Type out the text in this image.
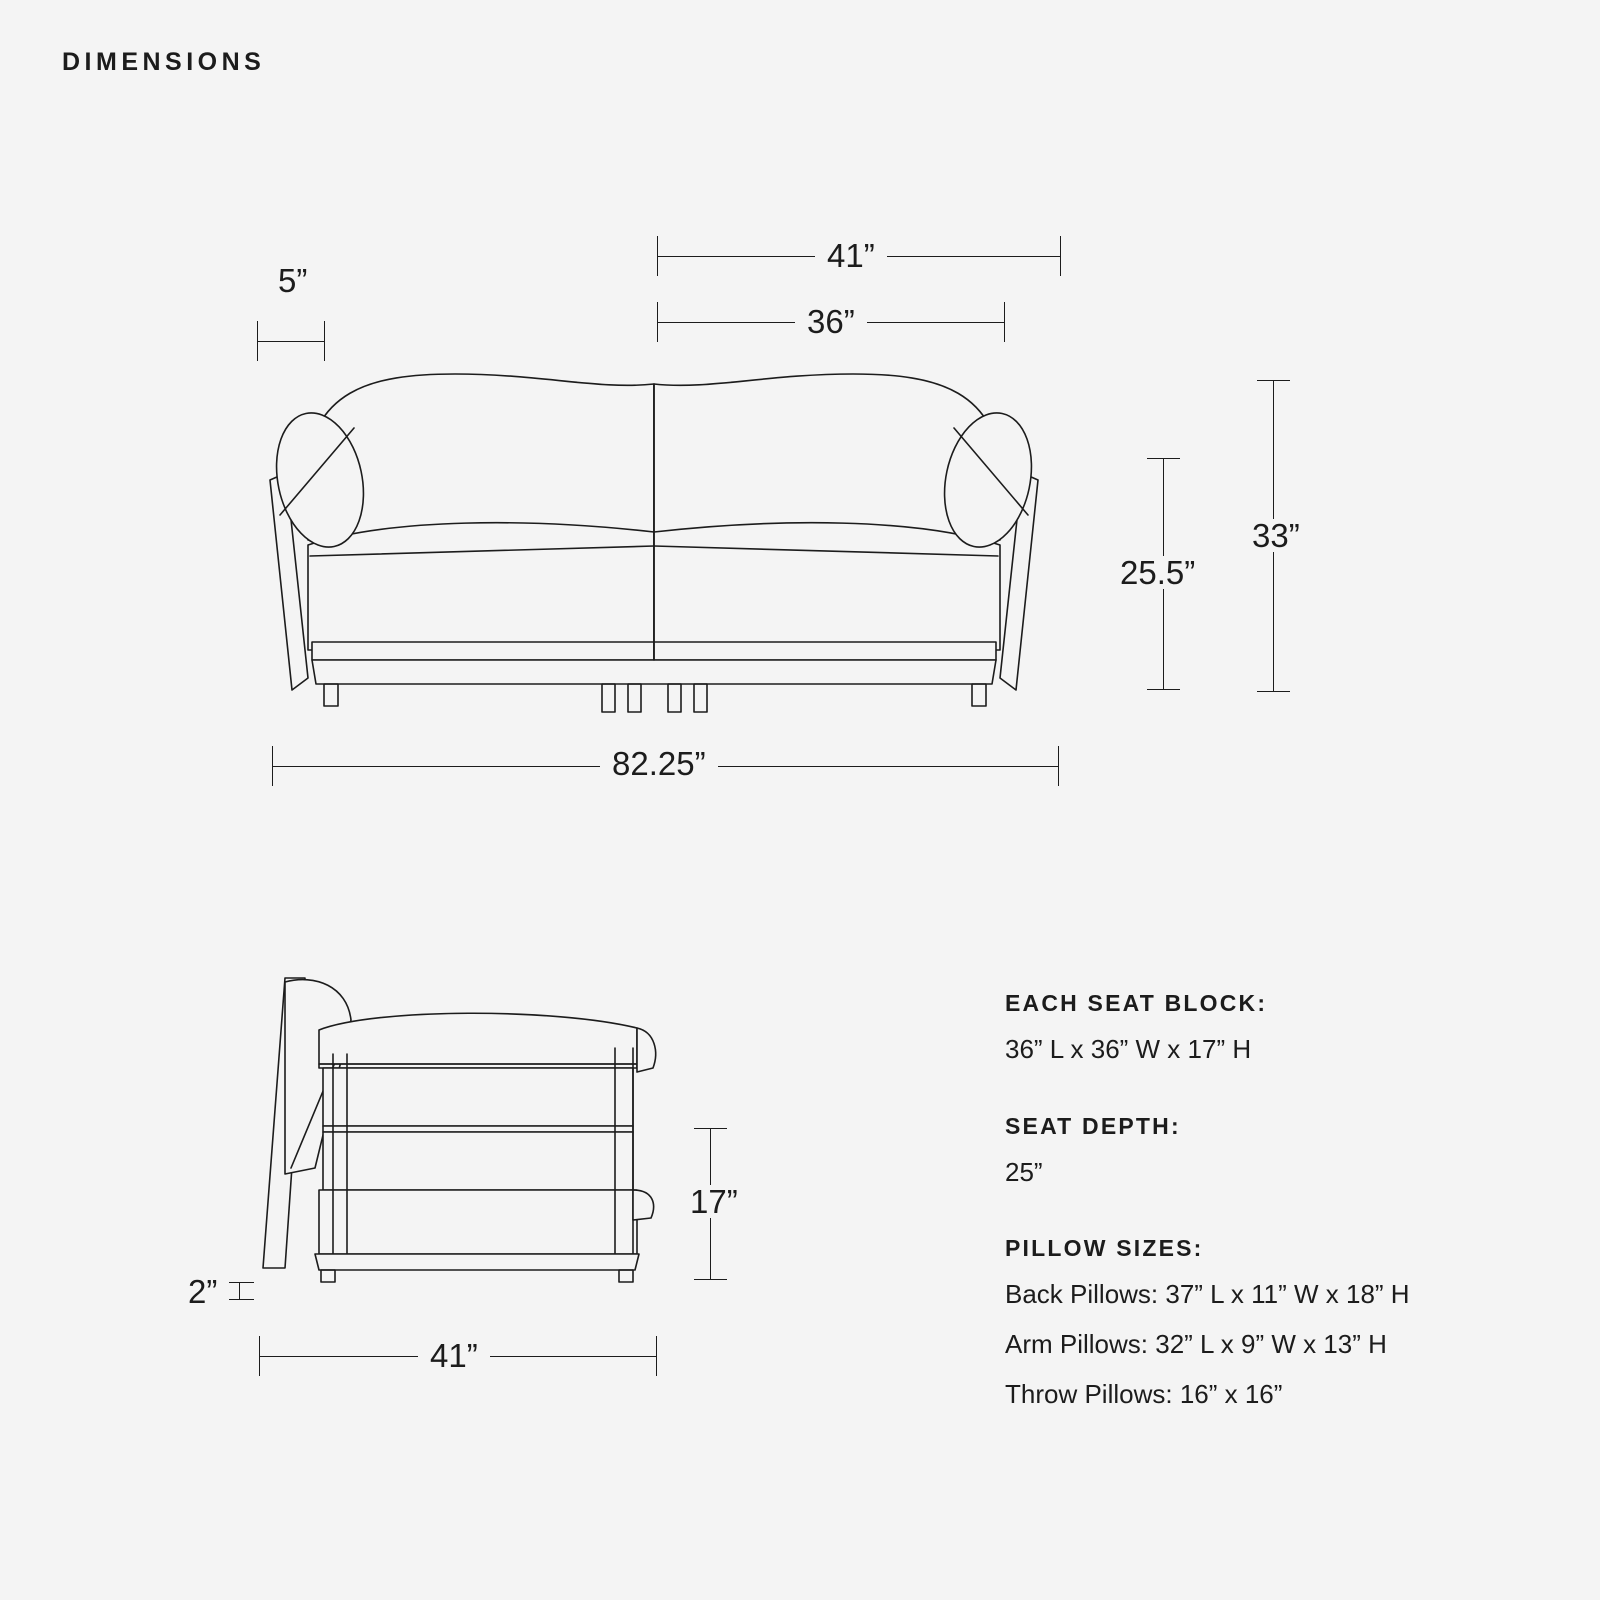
DIMENSIONS
41”
36”
5”
25.5”
33”
82.25”
17”
2”
41”
EACH SEAT BLOCK:

36” L x 36” W x 17” H

SEAT DEPTH:

25”

PILLOW SIZES:

Back Pillows: 37” L x 11” W x 18” H

Arm Pillows: 32” L x 9” W x 13” H

Throw Pillows: 16” x 16”
